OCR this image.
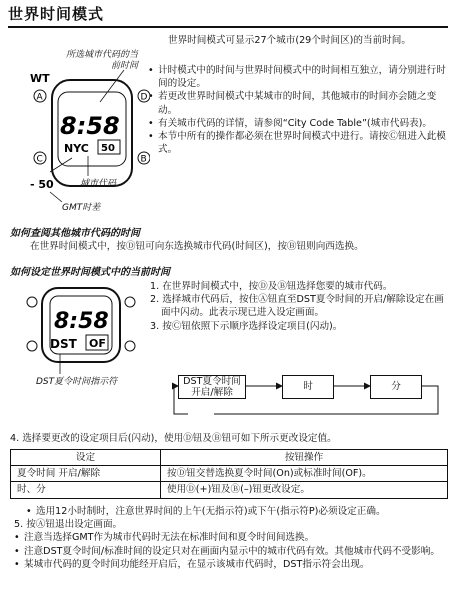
世界时间模式
所选城市代码的当前时间
WT
8:58
50
NYC
A	D
C	B
- 50	城市代码
GMT时差

世界时间模式可显示27个城市(29个时间区)的当前时间。

• 计时模式中的时间与世界时间模式中的时间相互独立，请分别进行时间的设定。
• 若更改世界时间模式中某城市的时间，其他城市的时间亦会随之变动。
• 有关城市代码的详情，请参阅“City Code Table”(城市代码表)。
• 本节中所有的操作都必须在世界时间模式中进行。请按Ⓒ钮进入此模式。
如何查阅其他城市代码的时间
在世界时间模式中，按Ⓓ钮可向东选换城市代码(时间区)，按Ⓑ钮则向西选换。
如何设定世界时间模式中的当前时间
8:58
DST OF
DST夏令时间指示符
1. 在世界时间模式中，按Ⓓ及Ⓑ钮选择您要的城市代码。
2. 选择城市代码后，按住Ⓐ钮直至DST夏令时间的开启/解除设定在画面中闪动。此表示现已进入设定画面。
3. 按Ⓒ钮依照下示顺序选择设定项目(闪动)。
DST夏令时间
开启/解除
时	分
4. 选择要更改的设定项目后(闪动)，使用Ⓓ钮及Ⓑ钮可如下所示更改设定值。
设定	按钮操作
夏令时间 开启/解除	按Ⓓ钮交替选换夏令时间(On)或标准时间(OF)。
时、分	使用Ⓓ(+)钮及Ⓑ(–)钮更改设定。
• 选用12小时制时，注意世界时间的上午(无指示符)或下午(指示符P)必须设定正确。
5. 按Ⓐ钮退出设定画面。
• 注意当选择GMT作为城市代码时无法在标准时间和夏令时间间选换。
• 注意DST夏令时间/标准时间的设定只对在画面内显示中的城市代码有效。其他城市代码不受影响。
• 某城市代码的夏令时间功能经开启后，在显示该城市代码时，DST指示符会出现。
